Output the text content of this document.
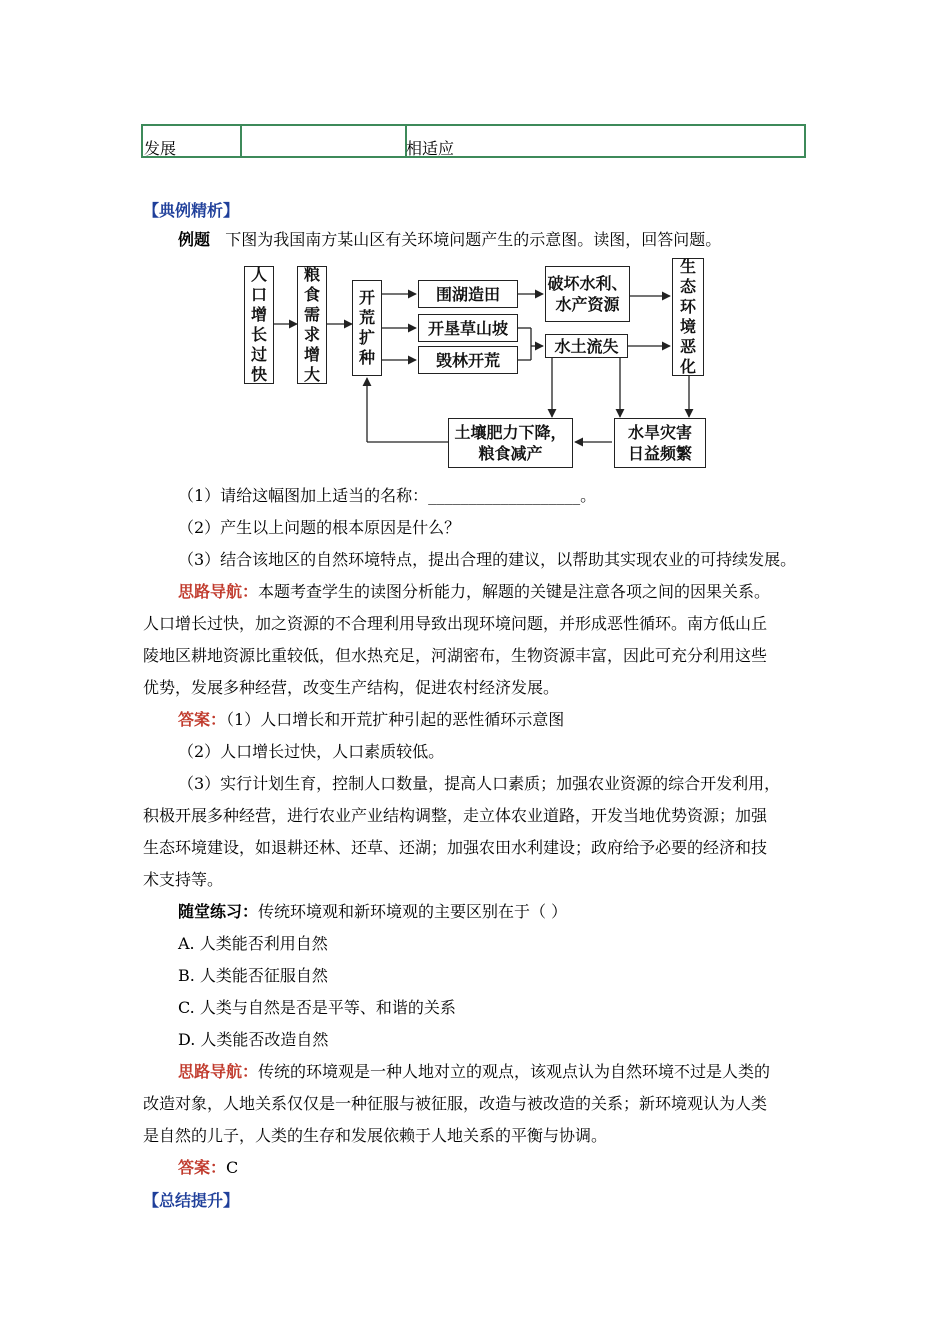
发展	相适应
【典例精析】
例题 下图为我国南方某山区有关环境问题产生的示意图。读图，回答问题。
人
口
增
长
过
快
粮
食
需
求
增
大
开
荒
扩
种
围湖造田
开垦草山坡
毁林开荒
破坏水利、
水产资源
水土流失
生
态
环
境
恶
化
土壤肥力下降，
粮食减产
水旱灾害
日益频繁
（1）请给这幅图加上适当的名称：___________________。
（2）产生以上问题的根本原因是什么？
（3）结合该地区的自然环境特点，提出合理的建议，以帮助其实现农业的可持续发展。
思路导航：本题考查学生的读图分析能力，解题的关键是注意各项之间的因果关系。
人口增长过快，加之资源的不合理利用导致出现环境问题，并形成恶性循环。南方低山丘
陵地区耕地资源比重较低，但水热充足，河湖密布，生物资源丰富，因此可充分利用这些
优势，发展多种经营，改变生产结构，促进农村经济发展。
答案：（1）人口增长和开荒扩种引起的恶性循环示意图
（2）人口增长过快，人口素质较低。
（3）实行计划生育，控制人口数量，提高人口素质；加强农业资源的综合开发利用，
积极开展多种经营，进行农业产业结构调整，走立体农业道路，开发当地优势资源；加强
生态环境建设，如退耕还林、还草、还湖；加强农田水利建设；政府给予必要的经济和技
术支持等。
随堂练习：传统环境观和新环境观的主要区别在于（ ）
A. 人类能否利用自然
B. 人类能否征服自然
C. 人类与自然是否是平等、和谐的关系
D. 人类能否改造自然
思路导航：传统的环境观是一种人地对立的观点，该观点认为自然环境不过是人类的
改造对象，人地关系仅仅是一种征服与被征服，改造与被改造的关系；新环境观认为人类
是自然的儿子，人类的生存和发展依赖于人地关系的平衡与协调。
答案：C
【总结提升】
